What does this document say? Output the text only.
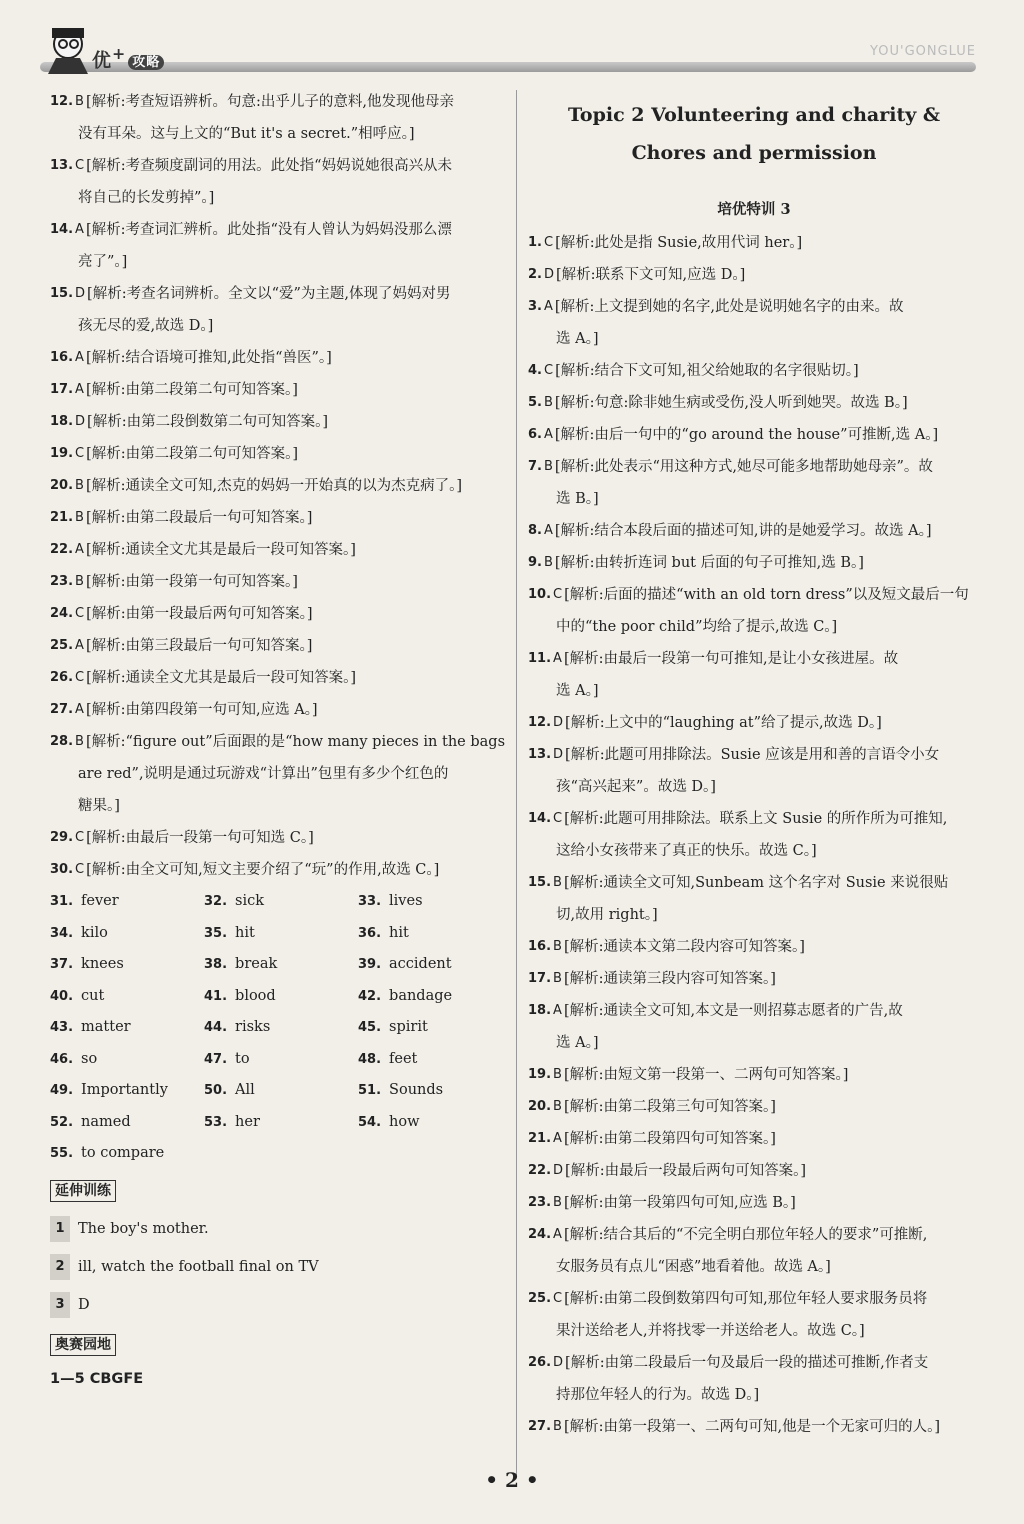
优+ 攻略
YOU'GONGLUE
12. B [解析:考查短语辨析。句意:出乎儿子的意料,他发现他母亲
没有耳朵。这与上文的“But it's a secret.”相呼应。]
13. C [解析:考查频度副词的用法。此处指“妈妈说她很高兴从未
将自己的长发剪掉”。]
14. A [解析:考查词汇辨析。此处指“没有人曾认为妈妈没那么漂
亮了”。]
15. D [解析:考查名词辨析。全文以“爱”为主题,体现了妈妈对男
孩无尽的爱,故选 D。]
16. A [解析:结合语境可推知,此处指“兽医”。]
17. A [解析:由第二段第二句可知答案。]
18. D [解析:由第二段倒数第二句可知答案。]
19. C [解析:由第二段第二句可知答案。]
20. B [解析:通读全文可知,杰克的妈妈一开始真的以为杰克病了。]
21. B [解析:由第二段最后一句可知答案。]
22. A [解析:通读全文尤其是最后一段可知答案。]
23. B [解析:由第一段第一句可知答案。]
24. C [解析:由第一段最后两句可知答案。]
25. A [解析:由第三段最后一句可知答案。]
26. C [解析:通读全文尤其是最后一段可知答案。]
27. A [解析:由第四段第一句可知,应选 A。]
28. B [解析:“figure out”后面跟的是“how many pieces in the bags
are red”,说明是通过玩游戏“计算出”包里有多少个红色的
糖果。]
29. C [解析:由最后一段第一句可知选 C。]
30. C [解析:由全文可知,短文主要介绍了“玩”的作用,故选 C。]
31. fever	32. sick	33. lives
34. kilo	35. hit	36. hit
37. knees	38. break	39. accident
40. cut	41. blood	42. bandage
43. matter	44. risks	45. spirit
46. so	47. to	48. feet
49. Importantly	50. All	51. Sounds
52. named	53. her	54. how
55. to compare
延伸训练
1 The boy's mother.
2 ill, watch the football final on TV
3 D
奥赛园地
1—5 CBGFE
Topic 2 Volunteering and charity &
Chores and permission
培优特训 3
1. C [解析:此处是指 Susie,故用代词 her。]
2. D [解析:联系下文可知,应选 D。]
3. A [解析:上文提到她的名字,此处是说明她名字的由来。故
选 A。]
4. C [解析:结合下文可知,祖父给她取的名字很贴切。]
5. B [解析:句意:除非她生病或受伤,没人听到她哭。故选 B。]
6. A [解析:由后一句中的“go around the house”可推断,选 A。]
7. B [解析:此处表示“用这种方式,她尽可能多地帮助她母亲”。故
选 B。]
8. A [解析:结合本段后面的描述可知,讲的是她爱学习。故选 A。]
9. B [解析:由转折连词 but 后面的句子可推知,选 B。]
10. C [解析:后面的描述“with an old torn dress”以及短文最后一句
中的“the poor child”均给了提示,故选 C。]
11. A [解析:由最后一段第一句可推知,是让小女孩进屋。故
选 A。]
12. D [解析:上文中的“laughing at”给了提示,故选 D。]
13. D [解析:此题可用排除法。Susie 应该是用和善的言语令小女
孩“高兴起来”。故选 D。]
14. C [解析:此题可用排除法。联系上文 Susie 的所作所为可推知,
这给小女孩带来了真正的快乐。故选 C。]
15. B [解析:通读全文可知,Sunbeam 这个名字对 Susie 来说很贴
切,故用 right。]
16. B [解析:通读本文第二段内容可知答案。]
17. B [解析:通读第三段内容可知答案。]
18. A [解析:通读全文可知,本文是一则招募志愿者的广告,故
选 A。]
19. B [解析:由短文第一段第一、二两句可知答案。]
20. B [解析:由第二段第三句可知答案。]
21. A [解析:由第二段第四句可知答案。]
22. D [解析:由最后一段最后两句可知答案。]
23. B [解析:由第一段第四句可知,应选 B。]
24. A [解析:结合其后的“不完全明白那位年轻人的要求”可推断,
女服务员有点儿“困惑”地看着他。故选 A。]
25. C [解析:由第二段倒数第四句可知,那位年轻人要求服务员将
果汁送给老人,并将找零一并送给老人。故选 C。]
26. D [解析:由第二段最后一句及最后一段的描述可推断,作者支
持那位年轻人的行为。故选 D。]
27. B [解析:由第一段第一、二两句可知,他是一个无家可归的人。]
• 2 •
